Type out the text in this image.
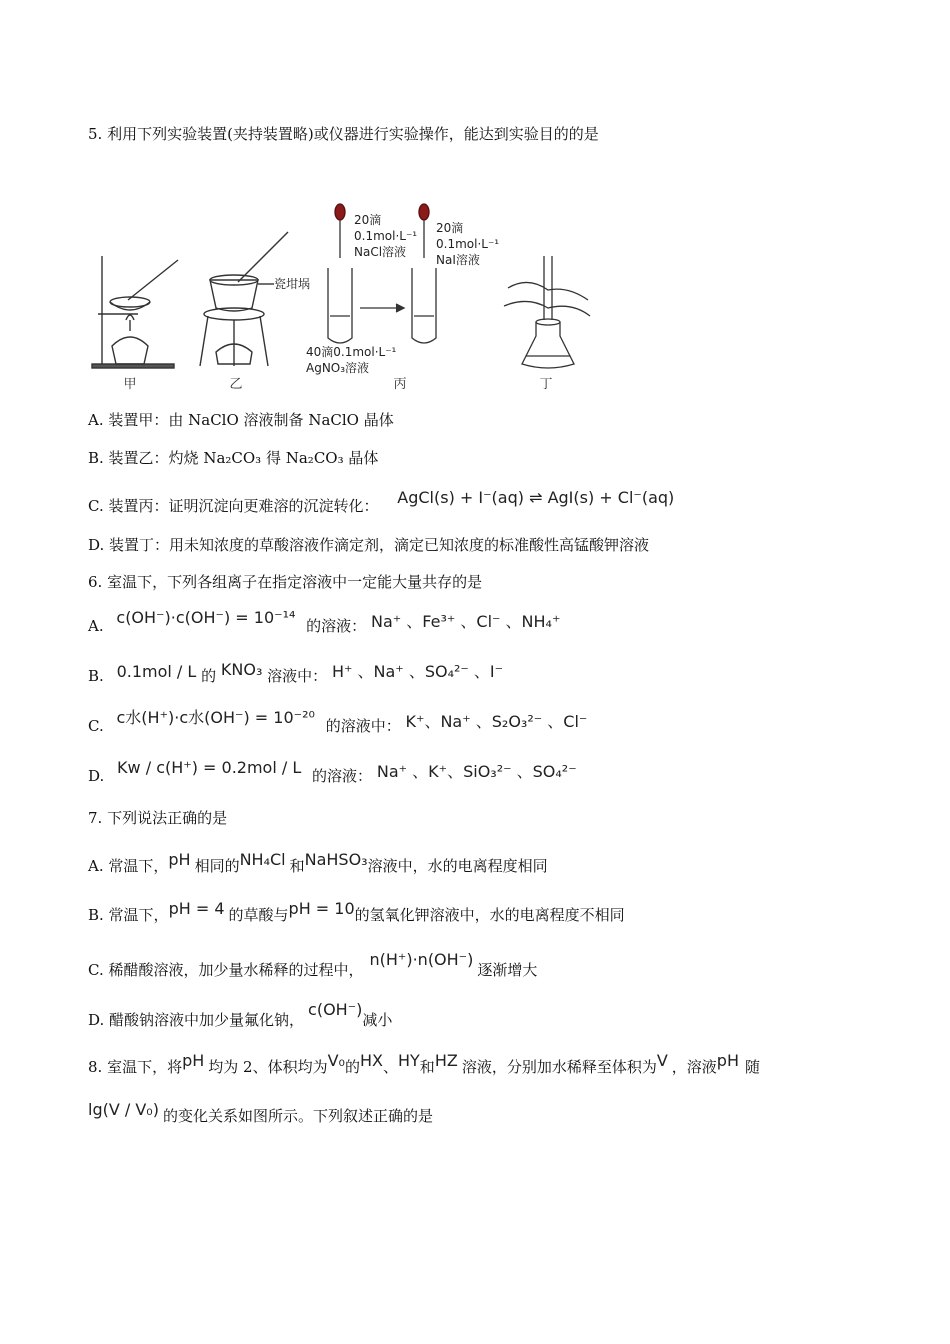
5. 利用下列实验装置(夹持装置略)或仪器进行实验操作，能达到实验目的的是
甲
瓷坩埚
乙
20滴
0.1mol·L⁻¹
NaCl溶液
20滴
0.1mol·L⁻¹
NaI溶液
40滴0.1mol·L⁻¹
AgNO₃溶液
丙	丁
A. 装置甲：由 NaClO 溶液制备 NaClO 晶体
B. 装置乙：灼烧 Na₂CO₃ 得 Na₂CO₃ 晶体
C. 装置丙：证明沉淀向更难溶的沉淀转化： AgCl(s) + I⁻(aq) ⇌ AgI(s) + Cl⁻(aq)
D. 装置丁：用未知浓度的草酸溶液作滴定剂，滴定已知浓度的标准酸性高锰酸钾溶液
6. 室温下，下列各组离子在指定溶液中一定能大量共存的是
A. c(OH⁻)·c(OH⁻) = 10⁻¹⁴ 的溶液： Na⁺ 、Fe³⁺ 、Cl⁻ 、NH₄⁺
B. 0.1mol / L 的 KNO₃ 溶液中： H⁺ 、Na⁺ 、SO₄²⁻ 、I⁻
C. c水(H⁺)·c水(OH⁻) = 10⁻²⁰ 的溶液中： K⁺、Na⁺ 、S₂O₃²⁻ 、Cl⁻
D. Kw / c(H⁺) = 0.2mol / L 的溶液： Na⁺ 、K⁺、SiO₃²⁻ 、SO₄²⁻
7. 下列说法正确的是
A. 常温下，pH 相同的NH₄Cl 和NaHSO₃溶液中，水的电离程度相同
B. 常温下，pH = 4 的草酸与pH = 10的氢氧化钾溶液中，水的电离程度不相同
C. 稀醋酸溶液，加少量水稀释的过程中，n(H⁺)·n(OH⁻)逐渐增大
D. 醋酸钠溶液中加少量氟化钠，c(OH⁻)减小
8. 室温下，将pH 均为 2、体积均为V₀的HX、HY和HZ 溶液，分别加水稀释至体积为V ，溶液pH 随
lg(V / V₀) 的变化关系如图所示。下列叙述正确的是
